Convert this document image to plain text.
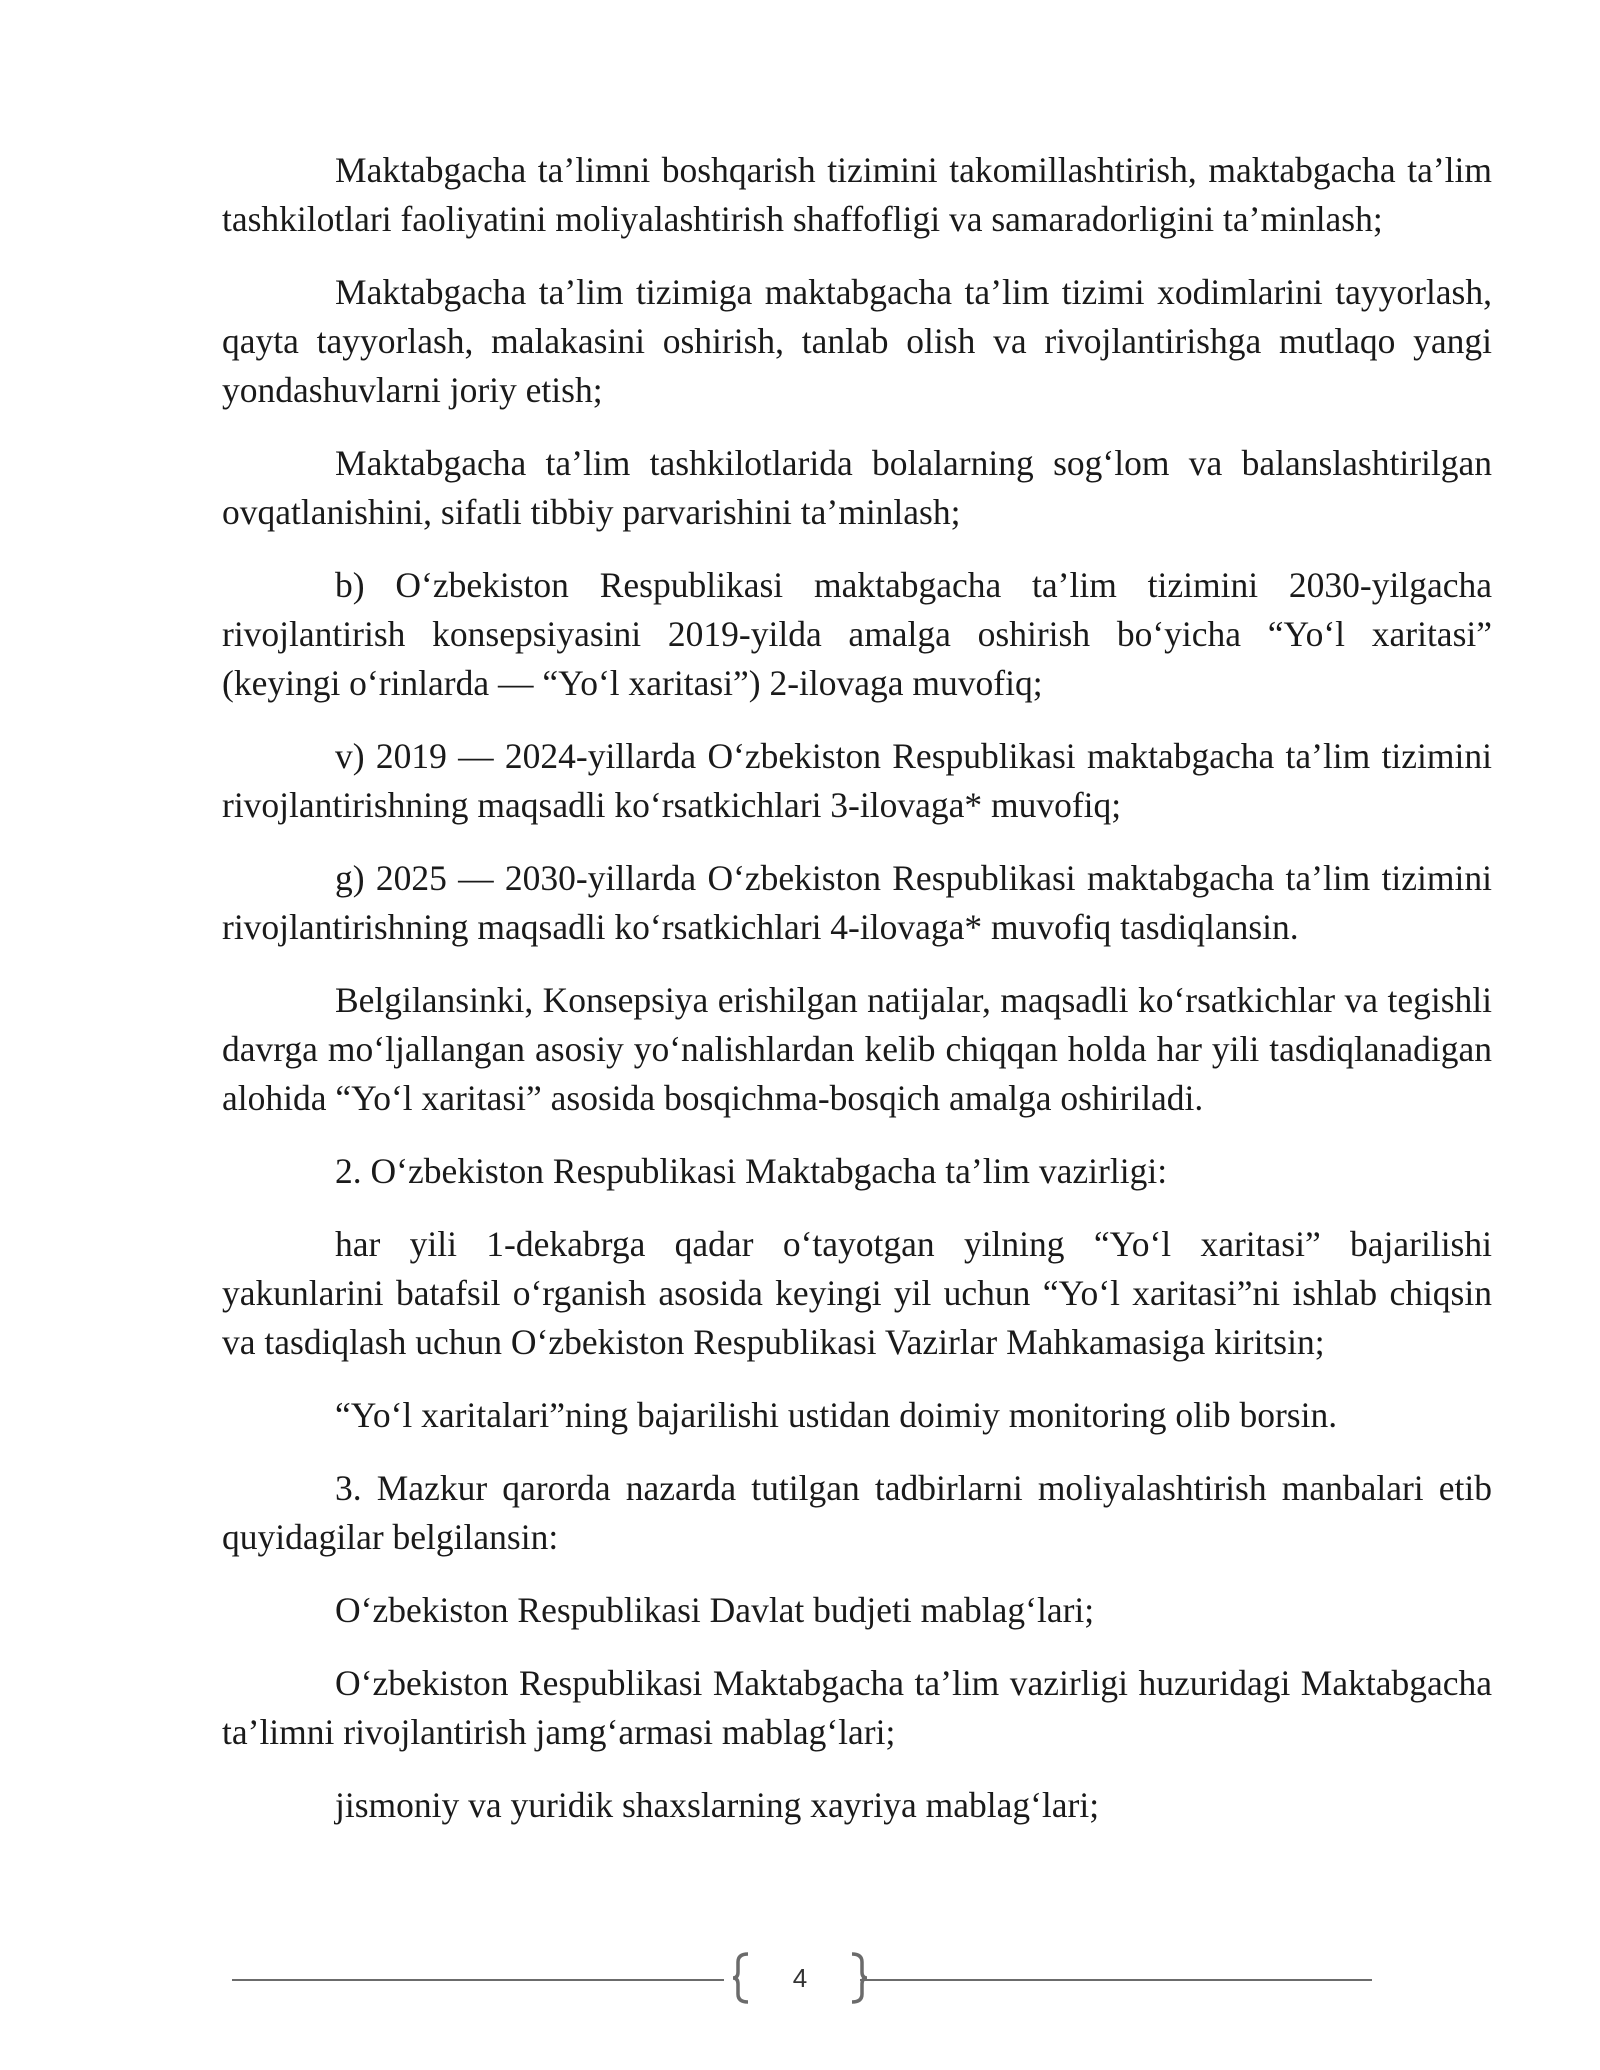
Maktabgacha ta’limni boshqarish tizimini takomillashtirish, maktabgacha ta’lim tashkilotlari faoliyatini moliyalashtirish shaffofligi va samaradorligini ta’minlash;

Maktabgacha ta’lim tizimiga maktabgacha ta’lim tizimi xodimlarini tayyorlash, qayta tayyorlash, malakasini oshirish, tanlab olish va rivojlantirishga mutlaqo yangi yondashuvlarni joriy etish;

Maktabgacha ta’lim tashkilotlarida bolalarning sog‘lom va balanslashtirilgan ovqatlanishini, sifatli tibbiy parvarishini ta’minlash;

b) O‘zbekiston Respublikasi maktabgacha ta’lim tizimini 2030-yilgacha rivojlantirish konsepsiyasini 2019-yilda amalga oshirish bo‘yicha “Yo‘l xaritasi” (keyingi o‘rinlarda — “Yo‘l xaritasi”) 2-ilovaga muvofiq;

v) 2019 — 2024-yillarda O‘zbekiston Respublikasi maktabgacha ta’lim tizimini rivojlantirishning maqsadli ko‘rsatkichlari 3-ilovaga* muvofiq;

g) 2025 — 2030-yillarda O‘zbekiston Respublikasi maktabgacha ta’lim tizimini rivojlantirishning maqsadli ko‘rsatkichlari 4-ilovaga* muvofiq tasdiqlansin.

Belgilansinki, Konsepsiya erishilgan natijalar, maqsadli ko‘rsatkichlar va tegishli davrga mo‘ljallangan asosiy yo‘nalishlardan kelib chiqqan holda har yili tasdiqlanadigan alohida “Yo‘l xaritasi” asosida bosqichma-bosqich amalga oshiriladi.

2. O‘zbekiston Respublikasi Maktabgacha ta’lim vazirligi:

har yili 1-dekabrga qadar o‘tayotgan yilning “Yo‘l xaritasi” bajarilishi yakunlarini batafsil o‘rganish asosida keyingi yil uchun “Yo‘l xaritasi”ni ishlab chiqsin va tasdiqlash uchun O‘zbekiston Respublikasi Vazirlar Mahkamasiga kiritsin;

“Yo‘l xaritalari”ning bajarilishi ustidan doimiy monitoring olib borsin.

3. Mazkur qarorda nazarda tutilgan tadbirlarni moliyalashtirish manbalari etib quyidagilar belgilansin:

O‘zbekiston Respublikasi Davlat budjeti mablag‘lari;

O‘zbekiston Respublikasi Maktabgacha ta’lim vazirligi huzuridagi Maktabgacha ta’limni rivojlantirish jamg‘armasi mablag‘lari;

jismoniy va yuridik shaxslarning xayriya mablag‘lari;

4
